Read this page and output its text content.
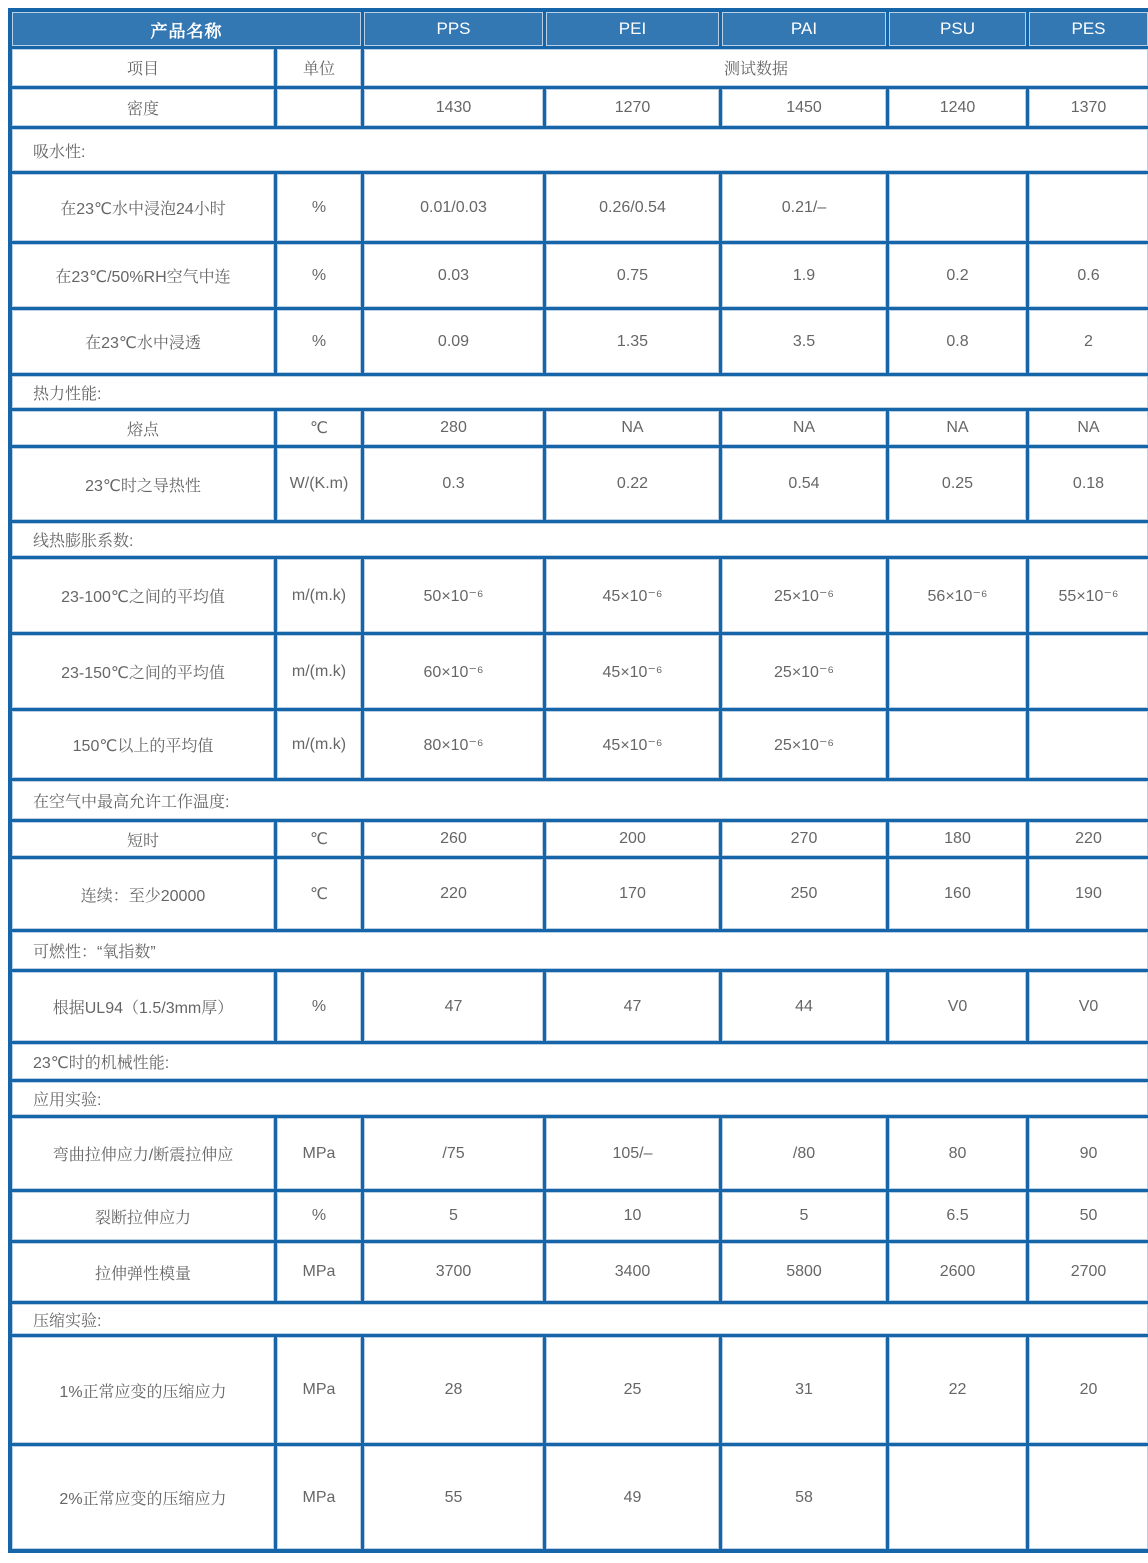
产品名称		PPS	PEI	PAI	PSU	PES
项目	单位	测试数据				
密度		1430	1270	1450	1240	1370
吸水性:						
在23℃水中浸泡24小时	%	0.01/0.03	0.26/0.54	0.21/–		
在23℃/50%RH空气中连	%	0.03	0.75	1.9	0.2	0.6
在23℃水中浸透	%	0.09	1.35	3.5	0.8	2
热力性能:						
熔点	℃	280	NA	NA	NA	NA
23℃时之导热性	W/(K.m)	0.3	0.22	0.54	0.25	0.18
线热膨胀系数:						
23-100℃之间的平均值	m/(m.k)	50×10⁻⁶	45×10⁻⁶	25×10⁻⁶	56×10⁻⁶	55×10⁻⁶
23-150℃之间的平均值	m/(m.k)	60×10⁻⁶	45×10⁻⁶	25×10⁻⁶		
150℃以上的平均值	m/(m.k)	80×10⁻⁶	45×10⁻⁶	25×10⁻⁶		
在空气中最高允许工作温度:						
短时	℃	260	200	270	180	220
连续：至少20000	℃	220	170	250	160	190
可燃性：“氧指数”						
根据UL94（1.5/3mm厚）	%	47	47	44	V0	V0
23℃时的机械性能:						
应用实验:						
弯曲拉伸应力/断震拉伸应	MPa	/75	105/–	/80	80	90
裂断拉伸应力	%	5	10	5	6.5	50
拉伸弹性模量	MPa	3700	3400	5800	2600	2700
压缩实验:						
1%正常应变的压缩应力	MPa	28	25	31	22	20
2%正常应变的压缩应力	MPa	55	49	58		
